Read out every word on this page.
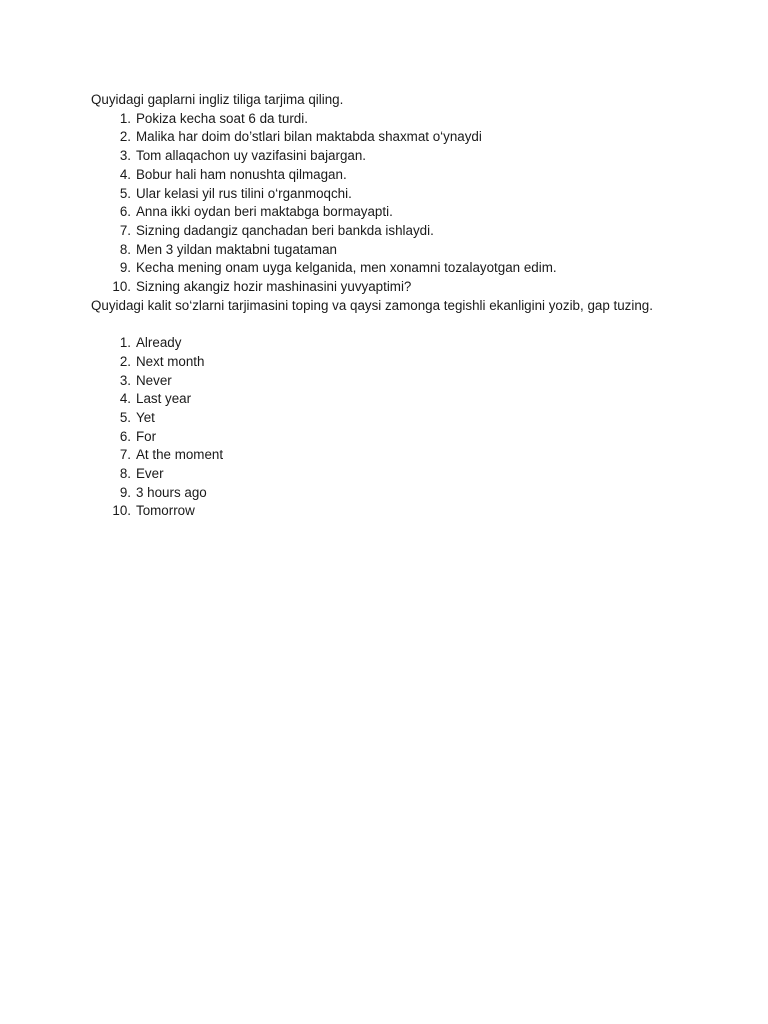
Quyidagi gaplarni ingliz tiliga tarjima qiling.

1. Pokiza kecha soat 6 da turdi.
2. Malika har doim do’stlari bilan maktabda shaxmat o‘ynaydi
3. Tom allaqachon uy vazifasini bajargan.
4. Bobur hali ham nonushta qilmagan.
5. Ular kelasi yil rus tilini o‘rganmoqchi.
6. Anna ikki oydan beri maktabga bormayapti.
7. Sizning dadangiz qanchadan beri bankda ishlaydi.
8. Men 3 yildan maktabni tugataman
9. Kecha mening onam uyga kelganida, men xonamni tozalayotgan edim.
10. Sizning akangiz hozir mashinasini yuvyaptimi?

Quyidagi kalit so‘zlarni tarjimasini toping va qaysi zamonga tegishli ekanligini yozib, gap tuzing.

1. Already
2. Next month
3. Never
4. Last year
5. Yet
6. For
7. At the moment
8. Ever
9. 3 hours ago
10. Tomorrow
